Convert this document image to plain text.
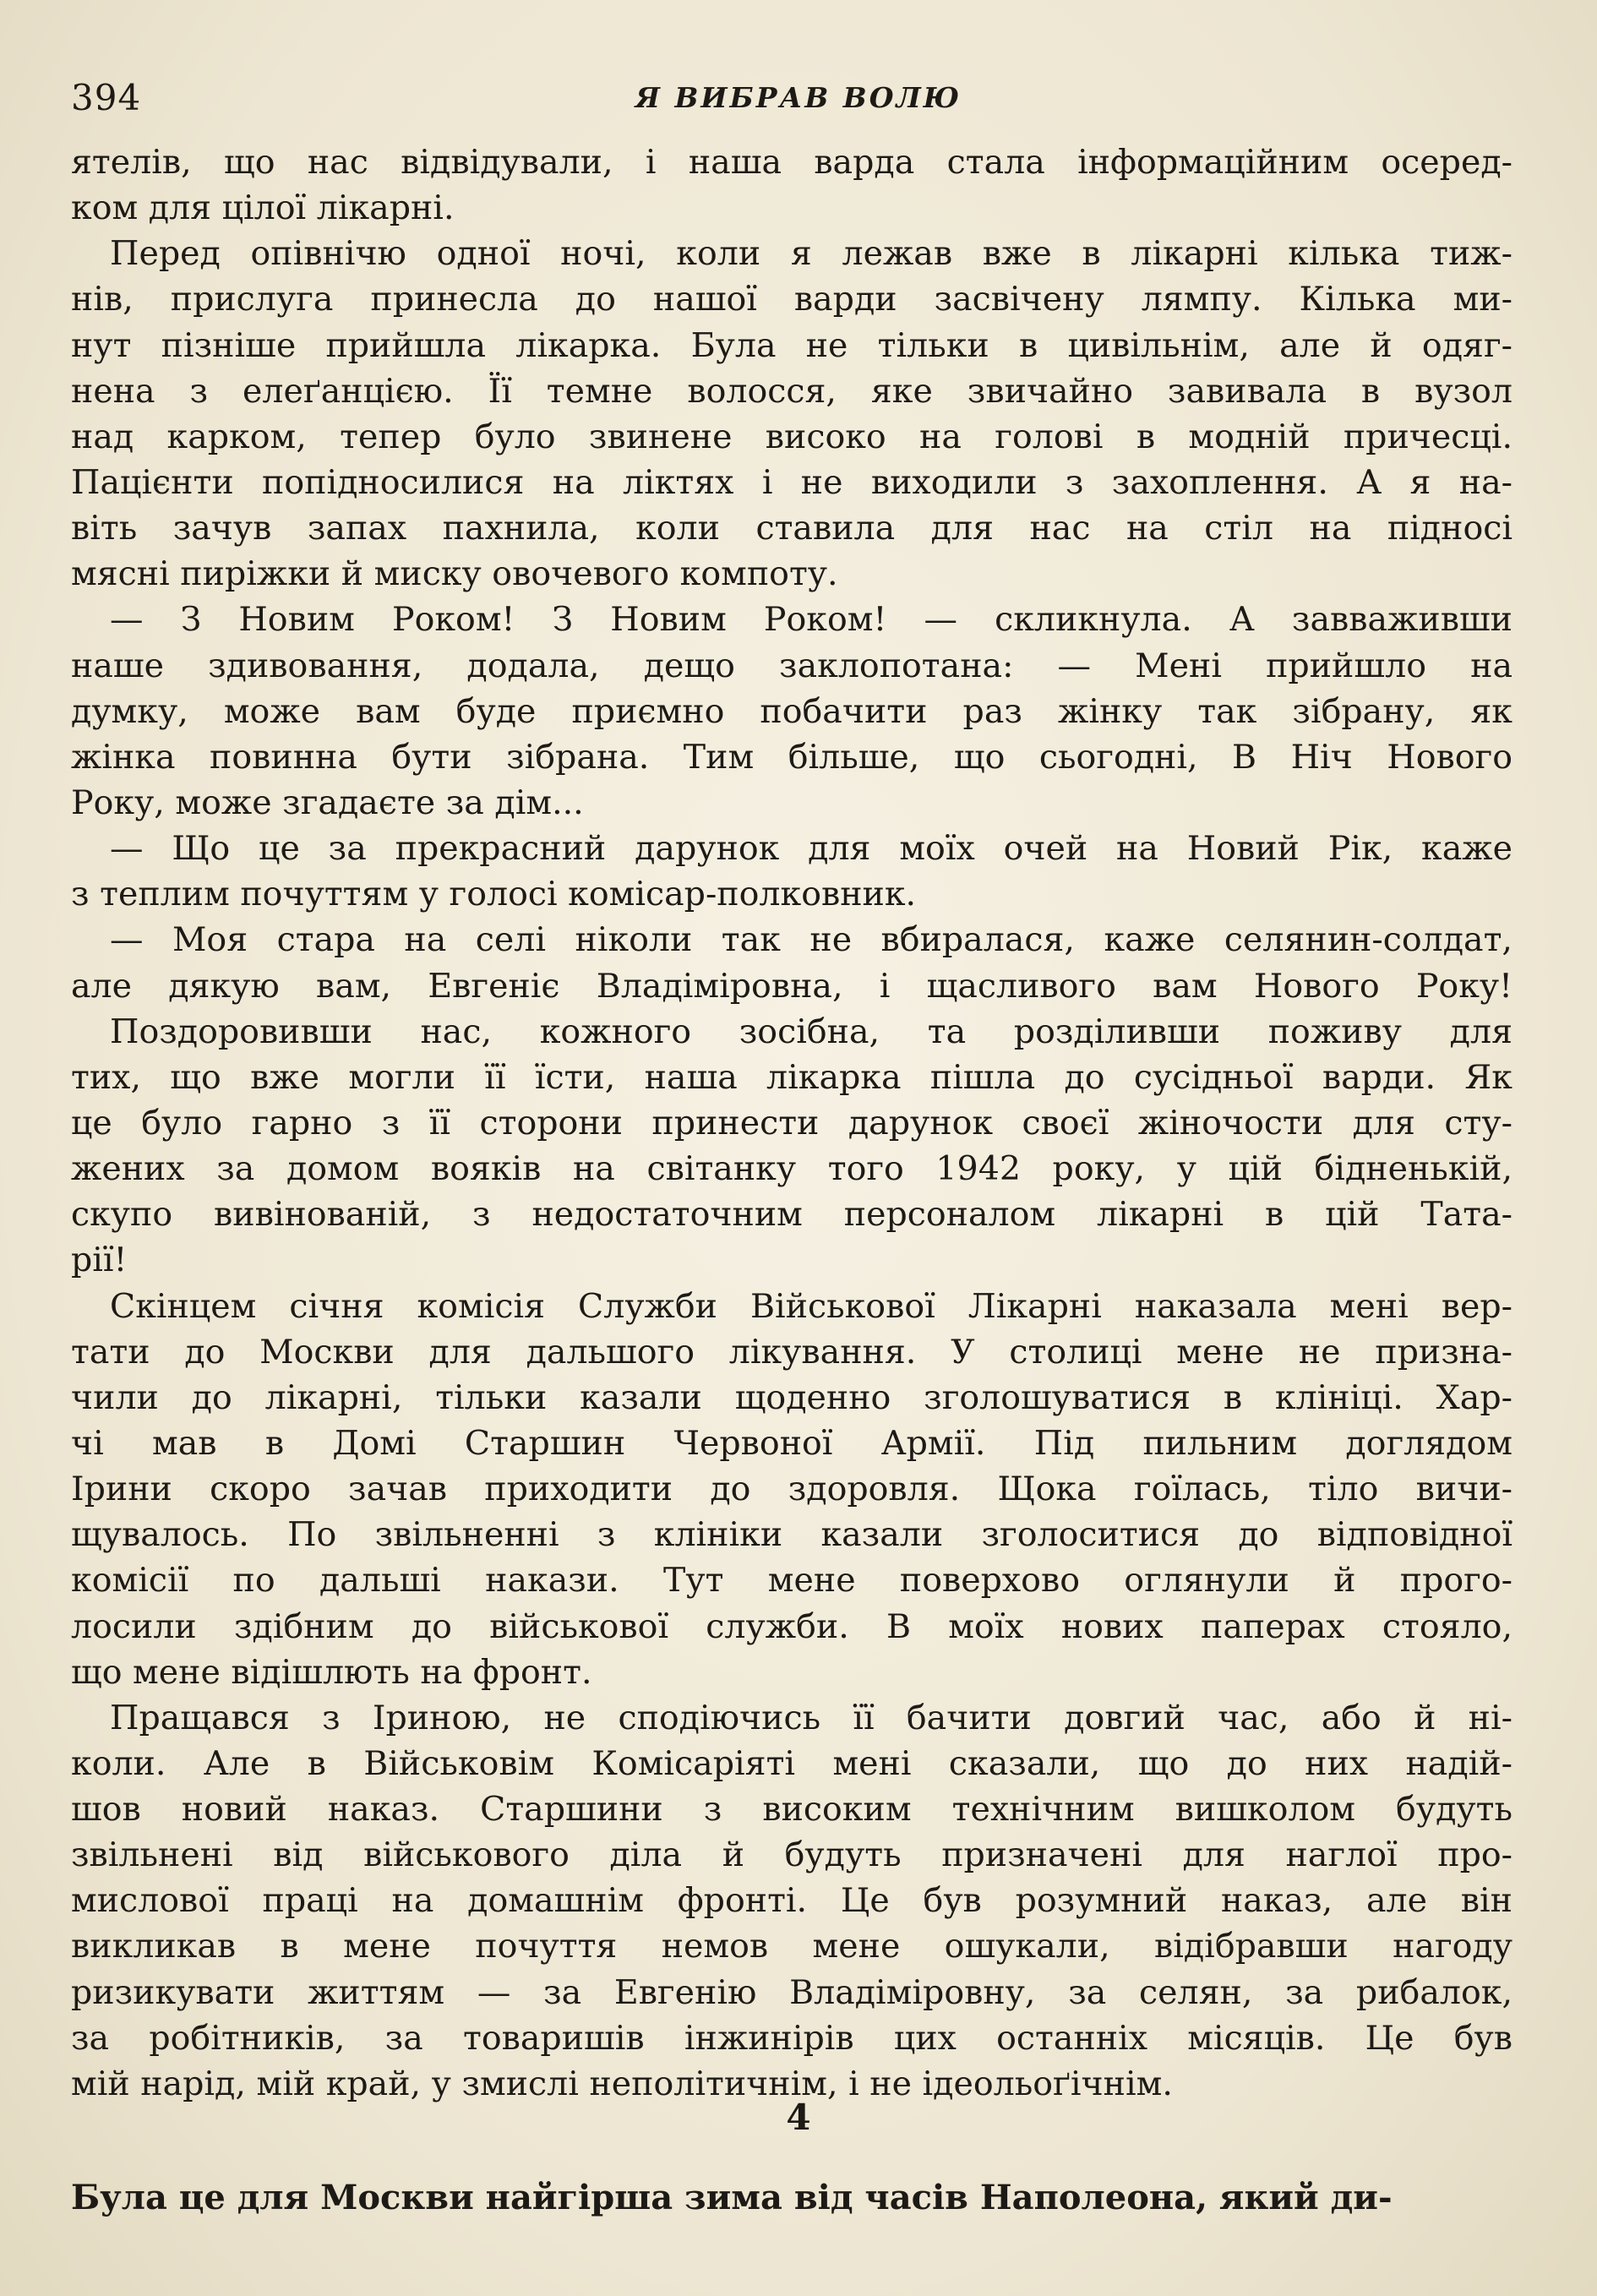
394	Я ВИБРАВ ВОЛЮ
ятелів, що нас відвідували, і наша варда стала інформаційним осеред-
ком для цілої лікарні.
Перед опівнічю одної ночі, коли я лежав вже в лікарні кілька тиж-
нів, прислуга принесла до нашої варди засвічену лямпу. Кілька ми-
нут пізніше прийшла лікарка. Була не тільки в цивільнім, але й одяг-
нена з елеґанцією. Її темне волосся, яке звичайно завивала в вузол
над карком, тепер було звинене високо на голові в модній причесці.
Пацієнти попідносилися на ліктях і не виходили з захоплення. А я на-
віть зачув запах пахнила, коли ставила для нас на стіл на підносі
мясні пиріжки й миску овочевого компоту.
— З Новим Роком! З Новим Роком! — скликнула. А завваживши
наше здивовання, додала, дещо заклопотана: — Мені прийшло на
думку, може вам буде приємно побачити раз жінку так зібрану, як
жінка повинна бути зібрана. Тим більше, що сьогодні, В Ніч Нового
Року, може згадаєте за дім...
— Що це за прекрасний дарунок для моїх очей на Новий Рік, каже
з теплим почуттям у голосі комісар-полковник.
— Моя стара на селі ніколи так не вбиралася, каже селянин-солдат,
але дякую вам, Евгеніє Владіміровна, і щасливого вам Нового Року!
Поздоровивши нас, кожного зосібна, та розділивши поживу для
тих, що вже могли її їсти, наша лікарка пішла до сусідньої варди. Як
це було гарно з її сторони принести дарунок своєї жіночости для сту-
жених за домом вояків на світанку того 1942 року, у цій бідненькій,
скупо вивінованій, з недостаточним персоналом лікарні в цій Тата-
рії!
Скінцем січня комісія Служби Військової Лікарні наказала мені вер-
тати до Москви для дальшого лікування. У столиці мене не призна-
чили до лікарні, тільки казали щоденно зголошуватися в клініці. Хар-
чі мав в Домі Старшин Червоної Армії. Під пильним доглядом
Ірини скоро зачав приходити до здоровля. Щока гоїлась, тіло вичи-
щувалось. По звільненні з клініки казали зголоситися до відповідної
комісії по дальші накази. Тут мене поверхово оглянули й прого-
лосили здібним до військової служби. В моїх нових паперах стояло,
що мене відішлють на фронт.
Пращався з Іриною, не сподіючись її бачити довгий час, або й ні-
коли. Але в Військовім Комісаріяті мені сказали, що до них надій-
шов новий наказ. Старшини з високим технічним вишколом будуть
звільнені від військового діла й будуть призначені для наглої про-
мислової праці на домашнім фронті. Це був розумний наказ, але він
викликав в мене почуття немов мене ошукали, відібравши нагоду
ризикувати життям — за Евгенію Владіміровну, за селян, за рибалок,
за робітників, за товаришів інжинірів цих останніх місяців. Це був
мій нарід, мій край, у змислі неполітичнім, і не ідеольоґічнім.
4
Була це для Москви найгірша зима від часів Наполеона, який ди-
